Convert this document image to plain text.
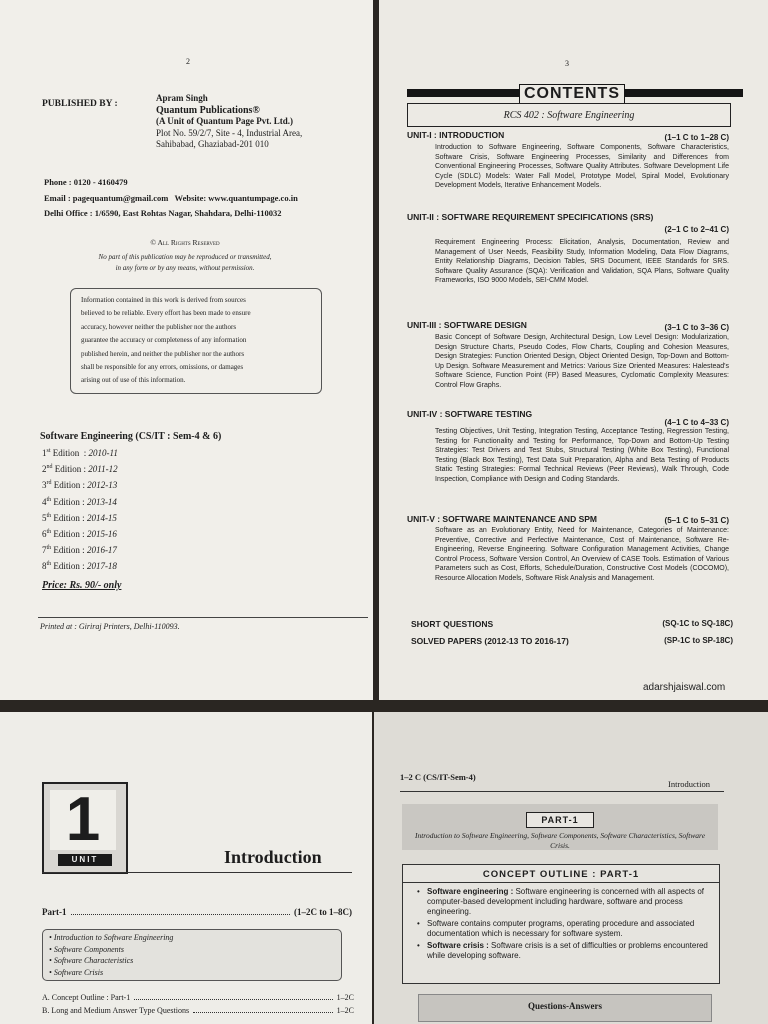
2
PUBLISHED BY :
Apram Singh
Quantum Publications®
(A Unit of Quantum Page Pvt. Ltd.)
Plot No. 59/2/7, Site - 4, Industrial Area,
Sahibabad, Ghaziabad-201 010
Phone : 0120 - 4160479
Email : pagequantum@gmail.com   Website: www.quantumpage.co.in
Delhi Office : 1/6590, East Rohtas Nagar, Shahdara, Delhi-110032
© All Rights Reserved
No part of this publication may be reproduced or transmitted,
in any form or by any means, without permission.
Information contained in this work is derived from sources
believed to be reliable. Every effort has been made to ensure
accuracy, however neither the publisher nor the authors
guarantee the accuracy or completeness of any information
published herein, and neither the publisher nor the authors
shall be responsible for any errors, omissions, or damages
arising out of use of this information.
Software Engineering (CS/IT : Sem-4 & 6)
1st Edition  : 2010-11
2nd Edition : 2011-12
3rd Edition : 2012-13
4th Edition : 2013-14
5th Edition : 2014-15
6th Edition : 2015-16
7th Edition : 2016-17
8th Edition : 2017-18
Price: Rs. 90/- only
Printed at : Giriraj Printers, Delhi-110093.
3
CONTENTS
RCS 402 : Software Engineering
UNIT-I : INTRODUCTION	(1–1 C to 1–28 C)
Introduction to Software Engineering, Software Components, Software Characteristics, Software Crisis, Software Engineering Processes, Similarity and Differences from Conventional Engineering Processes, Software Quality Attributes. Software Development Life Cycle (SDLC) Models: Water Fall Model, Prototype Model, Spiral Model, Evolutionary Development Models, Iterative Enhancement Models.
UNIT-II : SOFTWARE REQUIREMENT SPECIFICATIONS (SRS)
(2–1 C to 2–41 C)
Requirement Engineering Process: Elicitation, Analysis, Documentation, Review and Management of User Needs, Feasibility Study, Information Modeling, Data Flow Diagrams, Entity Relationship Diagrams, Decision Tables, SRS Document, IEEE Standards for SRS. Software Quality Assurance (SQA): Verification and Validation, SQA Plans, Software Quality Frameworks, ISO 9000 Models, SEI-CMM Model.
UNIT-III : SOFTWARE DESIGN	(3–1 C to 3–36 C)
Basic Concept of Software Design, Architectural Design, Low Level Design: Modularization, Design Structure Charts, Pseudo Codes, Flow Charts, Coupling and Cohesion Measures, Design Strategies: Function Oriented Design, Object Oriented Design, Top-Down and Bottom-Up Design. Software Measurement and Metrics: Various Size Oriented Measures: Halestead's Software Science, Function Point (FP) Based Measures, Cyclomatic Complexity Measures: Control Flow Graphs.
UNIT-IV : SOFTWARE TESTING
(4–1 C to 4–33 C)
Testing Objectives, Unit Testing, Integration Testing, Acceptance Testing, Regression Testing, Testing for Functionality and Testing for Performance, Top-Down and Bottom-Up Testing Strategies: Test Drivers and Test Stubs, Structural Testing (White Box Testing), Functional Testing (Black Box Testing), Test Data Suit Preparation, Alpha and Beta Testing of Products Static Testing Strategies: Formal Technical Reviews (Peer Reviews), Walk Through, Code Inspection, Compliance with Design and Coding Standards.
UNIT-V : SOFTWARE MAINTENANCE AND SPM	(5–1 C to 5–31 C)
Software as an Evolutionary Entity, Need for Maintenance, Categories of Maintenance: Preventive, Corrective and Perfective Maintenance, Cost of Maintenance, Software Re-Engineering, Reverse Engineering. Software Configuration Management Activities, Change Control Process, Software Version Control, An Overview of CASE Tools. Estimation of Various Parameters such as Cost, Efforts, Schedule/Duration, Constructive Cost Models (COCOMO), Resource Allocation Models, Software Risk Analysis and Management.
SHORT QUESTIONS	(SQ-1C to SQ-18C)
SOLVED PAPERS (2012-13 TO 2016-17)	(SP-1C to SP-18C)
adarshjaiswal.com
1
UNIT	Introduction
Part-1	(1–2C to 1–8C)
• Introduction to Software Engineering
• Software Components
• Software Characteristics
• Software Crisis
A. Concept Outline : Part-1	1–2C
B. Long and Medium Answer Type Questions	1–2C
1–2 C (CS/IT-Sem-4)
Introduction
PART-1
Introduction to Software Engineering, Software Components, Software Characteristics, Software Crisis.
CONCEPT OUTLINE : PART-1
• Software engineering : Software engineering is concerned with all aspects of computer-based development including hardware, software and process engineering.
• Software contains computer programs, operating procedure and associated documentation which is necessary for software system.
• Software crisis : Software crisis is a set of difficulties or problems encountered while developing software.
Questions-Answers
